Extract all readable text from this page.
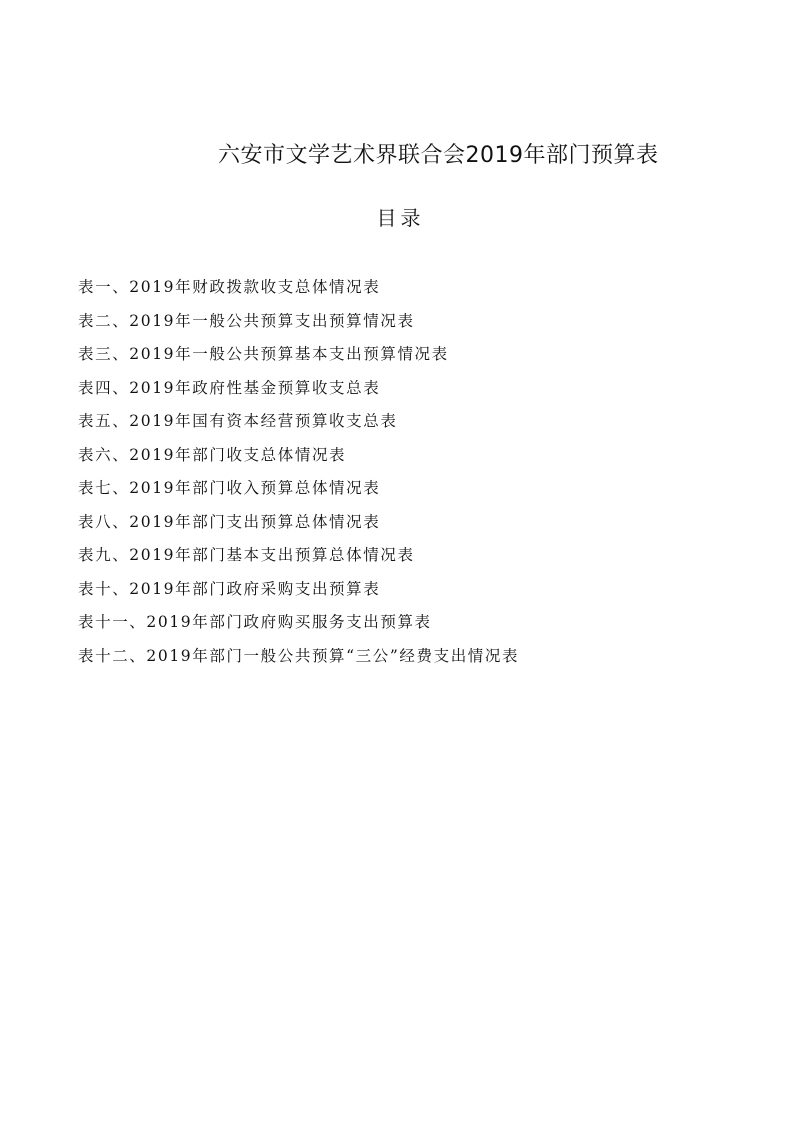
六安市文学艺术界联合会2019年部门预算表
目录
表一、2019年财政拨款收支总体情况表
表二、2019年一般公共预算支出预算情况表
表三、2019年一般公共预算基本支出预算情况表
表四、2019年政府性基金预算收支总表
表五、2019年国有资本经营预算收支总表
表六、2019年部门收支总体情况表
表七、2019年部门收入预算总体情况表
表八、2019年部门支出预算总体情况表
表九、2019年部门基本支出预算总体情况表
表十、2019年部门政府采购支出预算表
表十一、2019年部门政府购买服务支出预算表
表十二、2019年部门一般公共预算“三公”经费支出情况表
